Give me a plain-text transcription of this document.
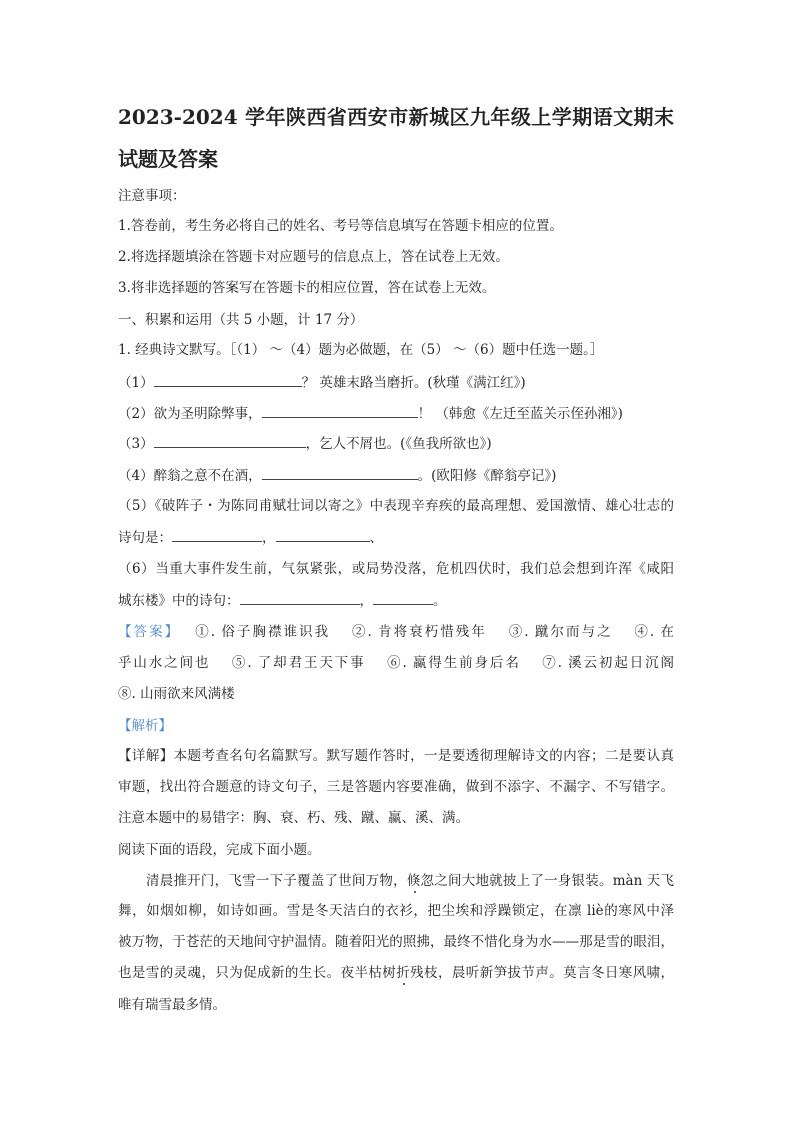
2023-2024 学年陕西省西安市新城区九年级上学期语文期末
试题及答案
注意事项：
1.答卷前，考生务必将自己的姓名、考号等信息填写在答题卡相应的位置。
2.将选择题填涂在答题卡对应题号的信息点上，答在试卷上无效。
3.将非选择题的答案写在答题卡的相应位置，答在试卷上无效。
一、积累和运用（共 5 小题，计 17 分）
1. 经典诗文默写。［（1） ～（4）题为必做题，在（5） ～（6）题中任选一题。］
（1）	？ 英雄末路当磨折。(秋瑾《满江红》)
（2）欲为圣明除弊事，	！ （韩愈《左迁至蓝关示侄孙湘》)
（3）	，乞人不屑也。(《鱼我所欲也》)
（4）醉翁之意不在酒，	。(欧阳修《醉翁亭记》)
（5）《破阵子・为陈同甫赋壮词以寄之》中表现辛弃疾的最高理想、爱国激情、雄心壮志的
诗句是：	，	、
（6）当重大事件发生前，气氛紧张，或局势没落，危机四伏时，我们总会想到许浑《咸阳
城东楼》中的诗句：	，	。
【答案】　 ①. 俗子胸襟谁识我　 ②. 肯将衰朽惜残年　 ③. 蹴尔而与之　 ④. 在
乎山水之间也　 ⑤. 了却君王天下事　 ⑥. 赢得生前身后名　 ⑦. 溪云初起日沉阁
⑧. 山雨欲来风满楼
【解析】
【详解】本题考查名句名篇默写。默写题作答时，一是要透彻理解诗文的内容；二是要认真
审题，找出符合题意的诗文句子，三是答题内容要准确，做到不添字、不漏字、不写错字。
注意本题中的易错字：胸、衰、朽、残、蹴、赢、溪、满。
阅读下面的语段，完成下面小题。
清晨推开门，飞雪一下子覆盖了世间万物，倏忽之间大地就披上了一身银装。màn 天飞
舞，如烟如柳，如诗如画。雪是冬天洁白的衣衫，把尘埃和浮躁锁定，在凛 liè的寒风中泽
被万物，于苍茫的天地间守护温情。随着阳光的照拂，最终不惜化身为水——那是雪的眼泪，
也是雪的灵魂，只为促成新的生长。夜半枯树折残枝，晨听新笋拔节声。莫言冬日寒风啸，
唯有瑞雪最多情。
